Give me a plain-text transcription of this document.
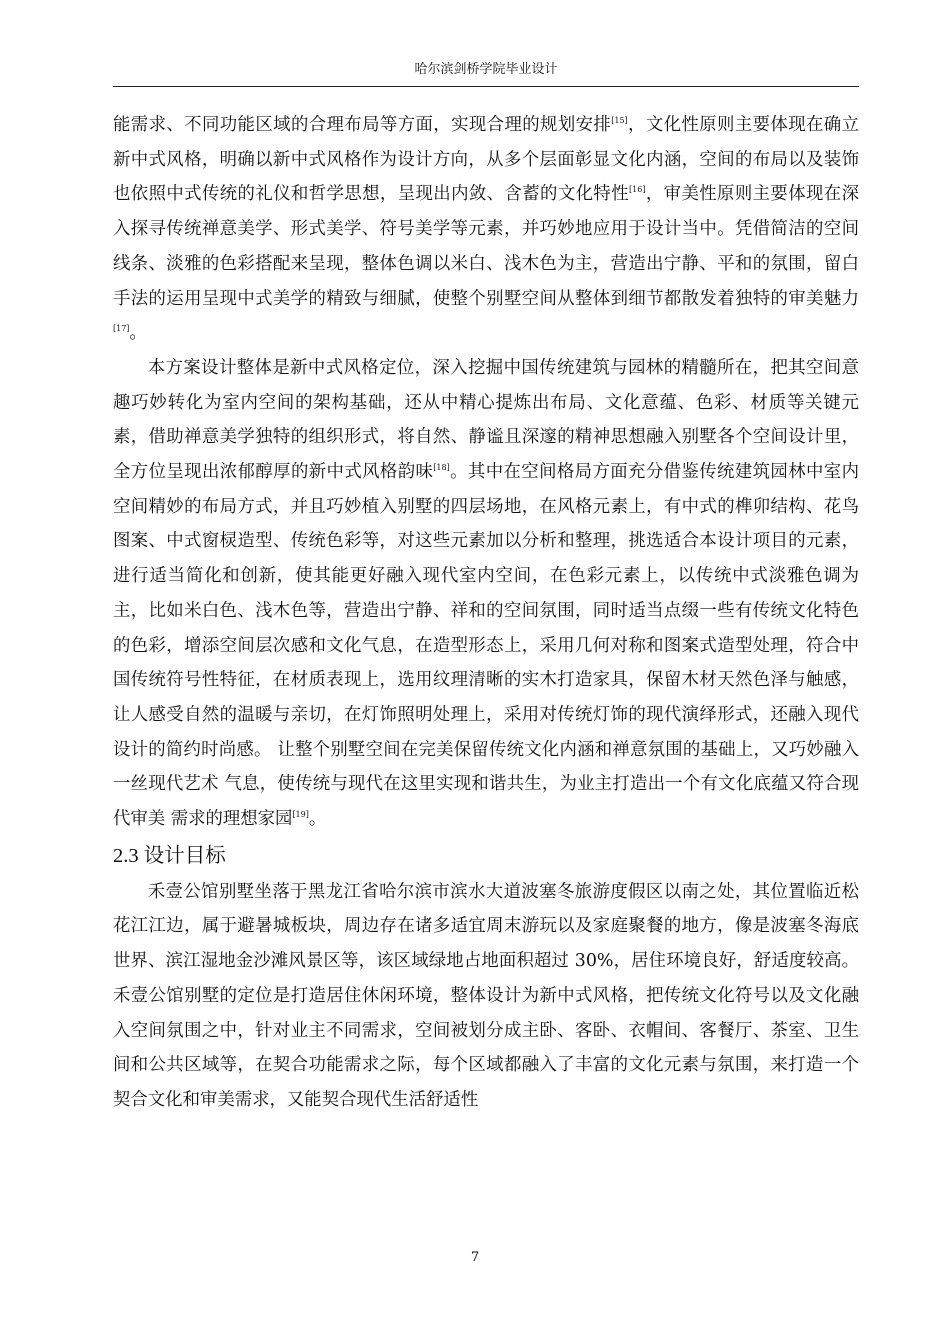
哈尔滨剑桥学院毕业设计

能需求、不同功能区域的合理布局等方面，实现合理的规划安排[15]，文化性原则主要体现在确立新中式风格，明确以新中式风格作为设计方向，从多个层面彰显文化内涵，空间的布局以及装饰也依照中式传统的礼仪和哲学思想，呈现出内敛、含蓄的文化特性[16]，审美性原则主要体现在深入探寻传统禅意美学、形式美学、符号美学等元素，并巧妙地应用于设计当中。凭借简洁的空间线条、淡雅的色彩搭配来呈现，整体色调以米白、浅木色为主，营造出宁静、平和的氛围，留白手法的运用呈现中式美学的精致与细腻，使整个别墅空间从整体到细节都散发着独特的审美魅力[17]。

本方案设计整体是新中式风格定位，深入挖掘中国传统建筑与园林的精髓所在，把其空间意趣巧妙转化为室内空间的架构基础，还从中精心提炼出布局、文化意蕴、色彩、材质等关键元素，借助禅意美学独特的组织形式，将自然、静谧且深邃的精神思想融入别墅各个空间设计里，全方位呈现出浓郁醇厚的新中式风格韵味[18]。其中在空间格局方面充分借鉴传统建筑园林中室内空间精妙的布局方式，并且巧妙植入别墅的四层场地，在风格元素上，有中式的榫卯结构、花鸟图案、中式窗棂造型、传统色彩等，对这些元素加以分析和整理，挑选适合本设计项目的元素，进行适当简化和创新，使其能更好融入现代室内空间，在色彩元素上，以传统中式淡雅色调为主，比如米白色、浅木色等，营造出宁静、祥和的空间氛围，同时适当点缀一些有传统文化特色的色彩，增添空间层次感和文化气息，在造型形态上，采用几何对称和图案式造型处理，符合中国传统符号性特征，在材质表现上，选用纹理清晰的实木打造家具，保留木材天然色泽与触感，让人感受自然的温暖与亲切，在灯饰照明处理上，采用对传统灯饰的现代演绎形式，还融入现代设计的简约时尚感。 让整个别墅空间在完美保留传统文化内涵和禅意氛围的基础上，又巧妙融入一丝现代艺术 气息，使传统与现代在这里实现和谐共生，为业主打造出一个有文化底蕴又符合现代审美 需求的理想家园[19]。

2.3 设计目标

禾壹公馆别墅坐落于黑龙江省哈尔滨市滨水大道波塞冬旅游度假区以南之处，其位置临近松花江江边，属于避暑城板块，周边存在诸多适宜周末游玩以及家庭聚餐的地方，像是波塞冬海底世界、滨江湿地金沙滩风景区等，该区域绿地占地面积超过 30%，居住环境良好，舒适度较高。禾壹公馆别墅的定位是打造居住休闲环境，整体设计为新中式风格，把传统文化符号以及文化融入空间氛围之中，针对业主不同需求，空间被划分成主卧、客卧、衣帽间、客餐厅、茶室、卫生间和公共区域等，在契合功能需求之际，每个区域都融入了丰富的文化元素与氛围，来打造一个契合文化和审美需求，又能契合现代生活舒适性

7
